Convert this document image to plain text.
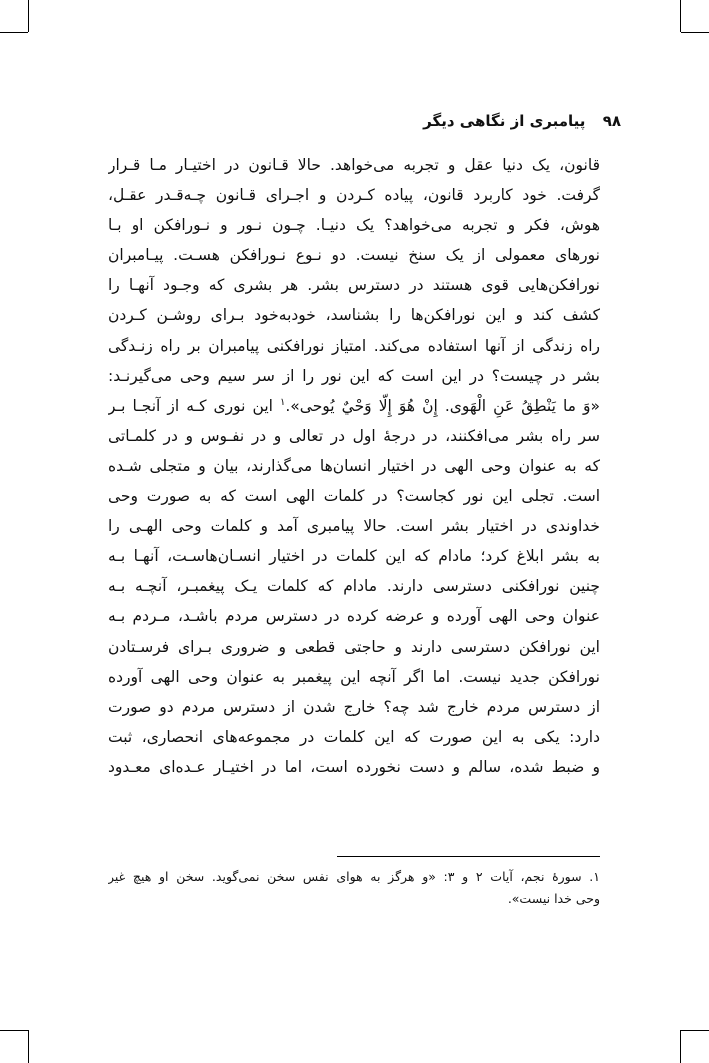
۹۸ پیامبری از نگاهی دیگر
قانون، یک دنیا عقل و تجربه می‌خواهد. حالا قـانون در اختیـار مـا قـرار
گرفت. خود کاربرد قانون، پیاده کـردن و اجـرای قـانون چـه‌قـدر عقـل،
هوش، فکر و تجربه می‌خواهد؟ یک دنیـا. چـون نـور و نـورافکن او بـا
نورهای معمولی از یک سنخ نیست. دو نـوع نـورافکن هسـت. پیـامبران
نورافکن‌هایی قوی هستند در دسترس بشر. هر بشری که وجـود آنهـا را
کشف کند و این نورافکن‌ها را بشناسد، خودبه‌خود بـرای روشـن کـردن
راه زندگی از آنها استفاده می‌کند. امتیاز نورافکنی پیامبران بر راه زنـدگی
بشر در چیست؟ در این است که این نور را از سر سیم وحی می‌گیرنـد:
«وَ ما يَنْطِقُ عَنِ الْهَوى. إِنْ هُوَ إِلّا وَحْيٌ يُوحى».$^۱$ این نوری کـه از آنجـا بـر
سر راه بشر می‌افکنند، در درجهٔ اول در تعالی و در نفـوس و در کلمـاتی
که به عنوان وحی الهی در اختیار انسان‌ها می‌گذارند، بیان و متجلی شـده
است. تجلی این نور کجاست؟ در کلمات الهی است که به صورت وحی
خداوندی در اختیار بشر است. حالا پیامبری آمد و کلمات وحی الهـی را
به بشر ابلاغ کرد؛ مادام که این کلمات در اختیار انسـان‌هاسـت، آنهـا بـه
چنین نورافکنی دسترسی دارند. مادام که کلمات یـک پیغمبـر، آنچـه بـه
عنوان وحی الهی آورده و عرضه کرده در دسترس مردم باشـد، مـردم بـه
این نورافکن دسترسی دارند و حاجتی قطعی و ضروری بـرای فرسـتادن
نورافکن جدید نیست. اما اگر آنچه این پیغمبر به عنوان وحی الهی آورده
از دسترس مردم خارج شد چه؟ خارج شدن از دسترس مردم دو صورت
دارد: یکی به این صورت که این کلمات در مجموعه‌های انحصاری، ثبت
و ضبط شده، سالم و دست نخورده است، اما در اختیـار عـده‌ای معـدود
۱. سورهٔ نجم، آیات ۲ و ۳: «و هرگز به هوای نفس سخن نمی‌گوید. سخن او هیچ غیر
وحی خدا نیست».
